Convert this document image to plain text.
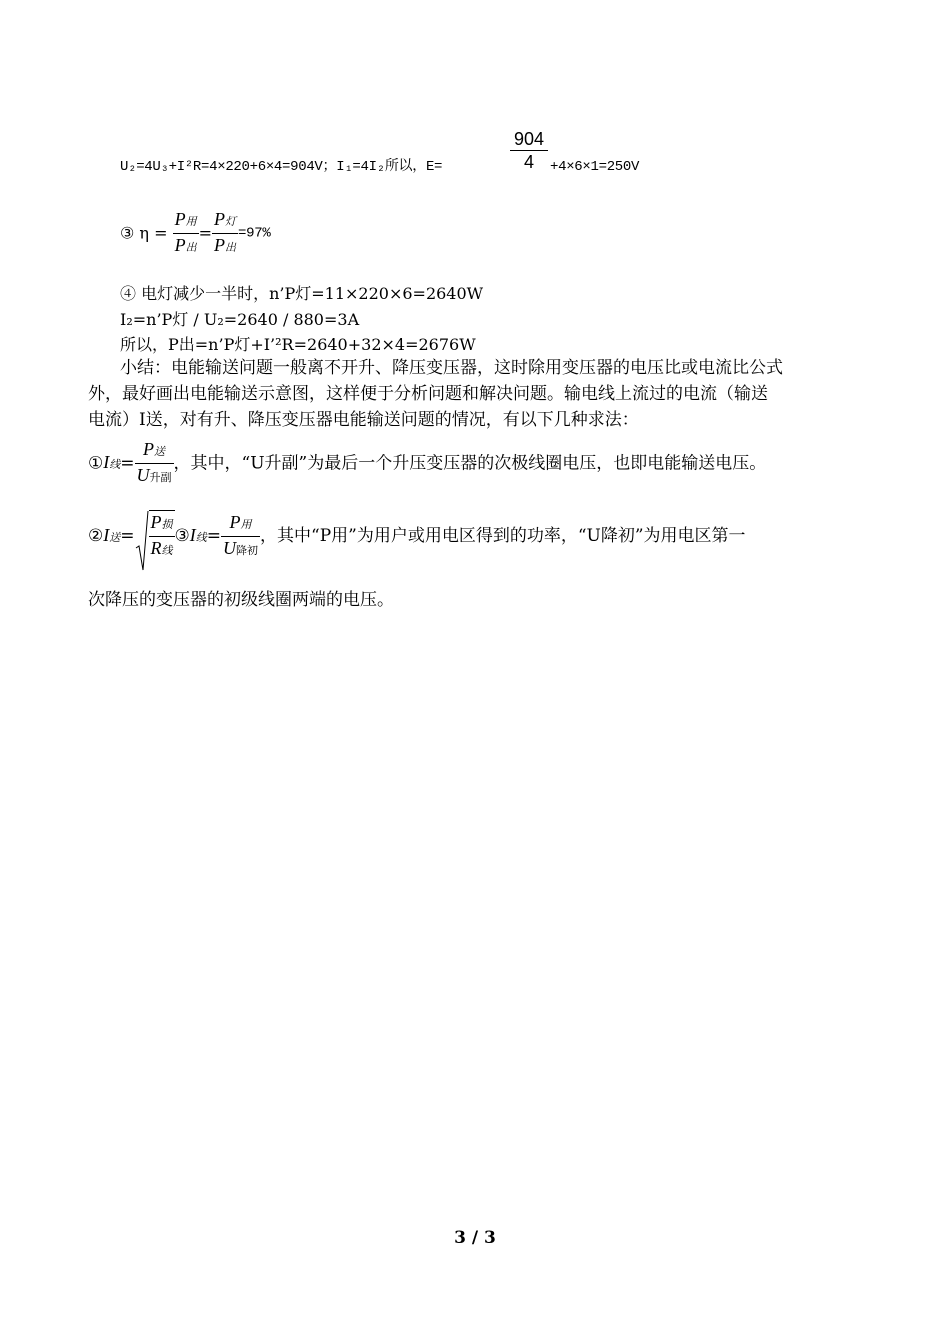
U₂=4U₃+I²R=4×220+6×4=904V；I₁=4I₂所以，E=	$\frac{904}{4} +4\times 6\times 1=250V$
③ $\eta = \frac{\text{P用}}{\text{P出}} = \frac{\text{P灯}}{\text{P出}} =97\%$
④ 电灯减少一半时，n’P灯=11×220×6=2640W
I₂=n’P灯 / U₂=2640 / 880=3A
所以，P出=n’P灯+I’²R=2640+32×4=2676W
小结：电能输送问题一般离不开升、降压变压器，这时除用变压器的电压比或电流比公式
外，最好画出电能输送示意图，这样便于分析问题和解决问题。输电线上流过的电流（输送
电流）I送，对有升、降压变压器电能输送问题的情况，有以下几种求法：
①I线= $\frac{\text{P送}}{\text{U升副}}$ ，其中，“U升副”为最后一个升压变压器的次极线圈电压，也即电能输送电压。
②I送= $\frac{\text{P损}}{\text{R线}}$ ③I线= $\frac{\text{P用}}{\text{U降初}}$ ，其中“P用”为用户或用电区得到的功率，“U降初”为用电区第一
次降压的变压器的初级线圈两端的电压。
3 / 3
